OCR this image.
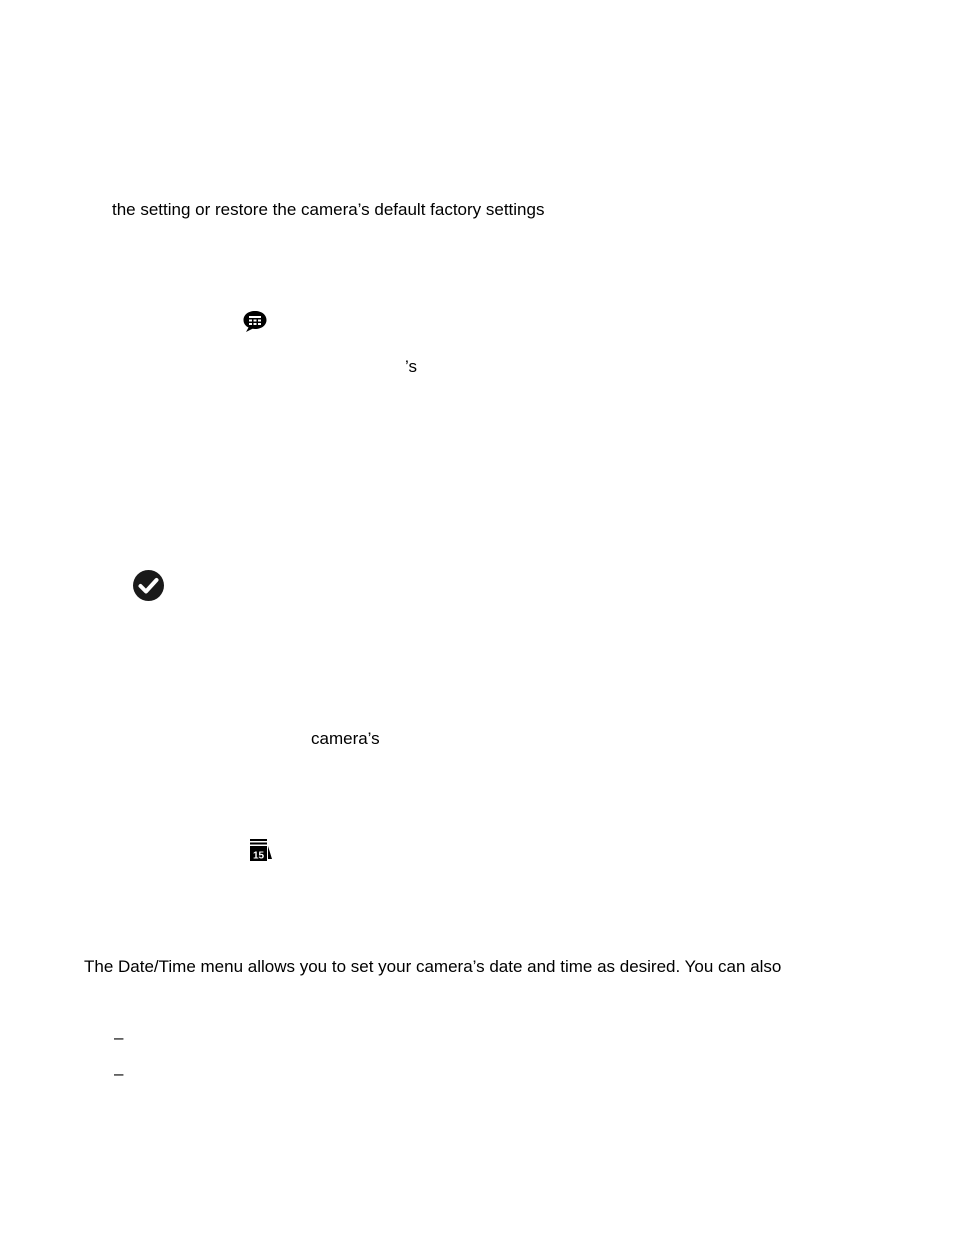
the setting or restore the camera’s default factory settings
’s
camera’s
The Date/Time menu allows you to set your camera’s date and time as desired. You can also
–
–
15
